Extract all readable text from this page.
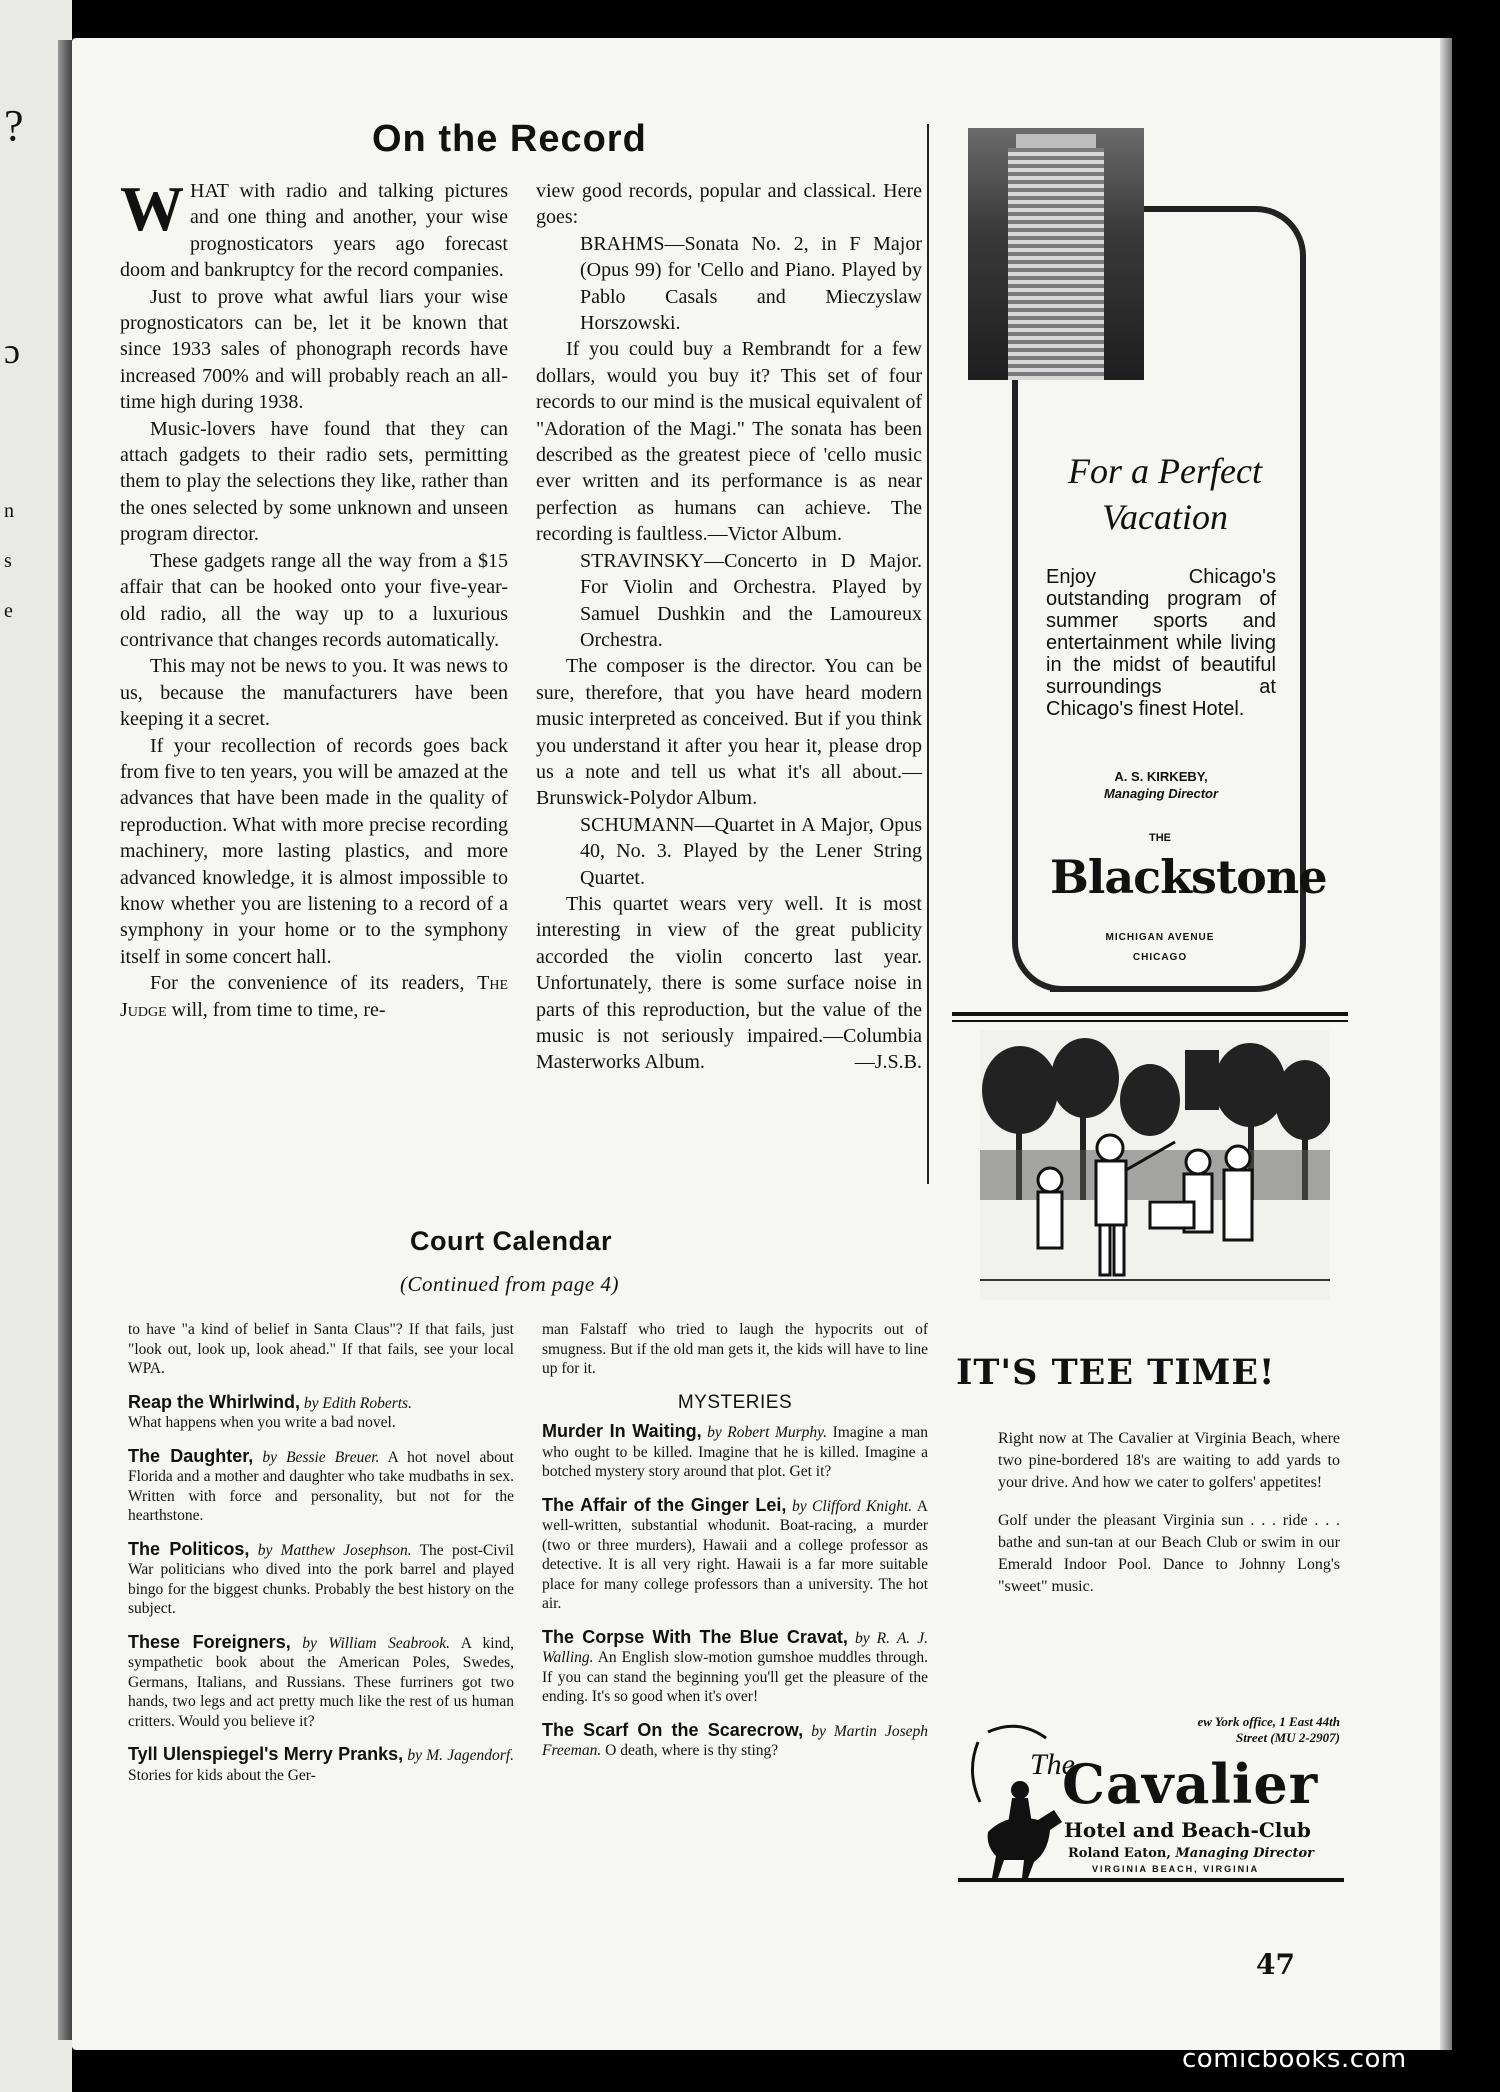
?
ɔ
n
s
e
On the Record

WHAT with radio and talking pictures and one thing and another, your wise prognosticators years ago forecast doom and bankruptcy for the record companies.

Just to prove what awful liars your wise prognosticators can be, let it be known that since 1933 sales of phonograph records have increased 700% and will probably reach an all-time high during 1938.

Music-lovers have found that they can attach gadgets to their radio sets, permitting them to play the selections they like, rather than the ones selected by some unknown and unseen program director.

These gadgets range all the way from a $15 affair that can be hooked onto your five-year-old radio, all the way up to a luxurious contrivance that changes records automatically.

This may not be news to you. It was news to us, because the manufacturers have been keeping it a secret.

If your recollection of records goes back from five to ten years, you will be amazed at the advances that have been made in the quality of reproduction. What with more precise recording machinery, more lasting plastics, and more advanced knowledge, it is almost impossible to know whether you are listening to a record of a symphony in your home or to the symphony itself in some concert hall.

For the convenience of its readers, The Judge will, from time to time, re-

view good records, popular and classical. Here goes:

BRAHMS—Sonata No. 2, in F Major (Opus 99) for 'Cello and Piano. Played by Pablo Casals and Mieczyslaw Horszowski.

If you could buy a Rembrandt for a few dollars, would you buy it? This set of four records to our mind is the musical equivalent of "Adoration of the Magi." The sonata has been described as the greatest piece of 'cello music ever written and its performance is as near perfection as humans can achieve. The recording is faultless.—Victor Album.

STRAVINSKY—Concerto in D Major. For Violin and Orchestra. Played by Samuel Dushkin and the Lamoureux Orchestra.

The composer is the director. You can be sure, therefore, that you have heard modern music interpreted as conceived. But if you think you understand it after you hear it, please drop us a note and tell us what it's all about.—Brunswick-Polydor Album.

SCHUMANN—Quartet in A Major, Opus 40, No. 3. Played by the Lener String Quartet.

This quartet wears very well. It is most interesting in view of the great publicity accorded the violin concerto last year. Unfortunately, there is some surface noise in parts of this reproduction, but the value of the music is not seriously impaired.—Columbia Masterworks Album.	—J.S.B.

Court Calendar
(Continued from page 4)
to have "a kind of belief in Santa Claus"? If that fails, just "look out, look up, look ahead." If that fails, see your local WPA.
Reap the Whirlwind, by Edith Roberts.
What happens when you write a bad novel.
The Daughter, by Bessie Breuer. A hot novel about Florida and a mother and daughter who take mudbaths in sex. Written with force and personality, but not for the hearthstone.
The Politicos, by Matthew Josephson. The post-Civil War politicians who dived into the pork barrel and played bingo for the biggest chunks. Probably the best history on the subject.
These Foreigners, by William Seabrook. A kind, sympathetic book about the American Poles, Swedes, Germans, Italians, and Russians. These furriners got two hands, two legs and act pretty much like the rest of us human critters. Would you believe it?
Tyll Ulenspiegel's Merry Pranks, by M. Jagendorf. Stories for kids about the Ger-
man Falstaff who tried to laugh the hypocrits out of smugness. But if the old man gets it, the kids will have to line up for it.
MYSTERIES
Murder In Waiting, by Robert Murphy. Imagine a man who ought to be killed. Imagine that he is killed. Imagine a botched mystery story around that plot. Get it?
The Affair of the Ginger Lei, by Clifford Knight. A well-written, substantial whodunit. Boat-racing, a murder (two or three murders), Hawaii and a college professor as detective. It is all very right. Hawaii is a far more suitable place for many college professors than a university. The hot air.
The Corpse With The Blue Cravat, by R. A. J. Walling. An English slow-motion gumshoe muddles through. If you can stand the beginning you'll get the pleasure of the ending. It's so good when it's over!
The Scarf On the Scarecrow, by Martin Joseph Freeman. O death, where is thy sting?
For a Perfect
Vacation
Enjoy Chicago's outstanding program of summer sports and entertainment while living in the midst of beautiful surroundings at Chicago's finest Hotel.
A. S. KIRKEBY,
Managing Director
THE
Blackstone
MICHIGAN AVENUE
CHICAGO
IT'S TEE TIME!

Right now at The Cavalier at Virginia Beach, where two pine-bordered 18's are waiting to add yards to your drive. And how we cater to golfers' appetites!

Golf under the pleasant Virginia sun . . . ride . . . bathe and sun-tan at our Beach Club or swim in our Emerald Indoor Pool. Dance to Johnny Long's "sweet" music.

ew York office, 1 East 44th
Street (MU 2-2907)
The
Cavalier
Hotel and Beach-Club
Roland Eaton, Managing Director
VIRGINIA BEACH, VIRGINIA
47
comicbooks.com
